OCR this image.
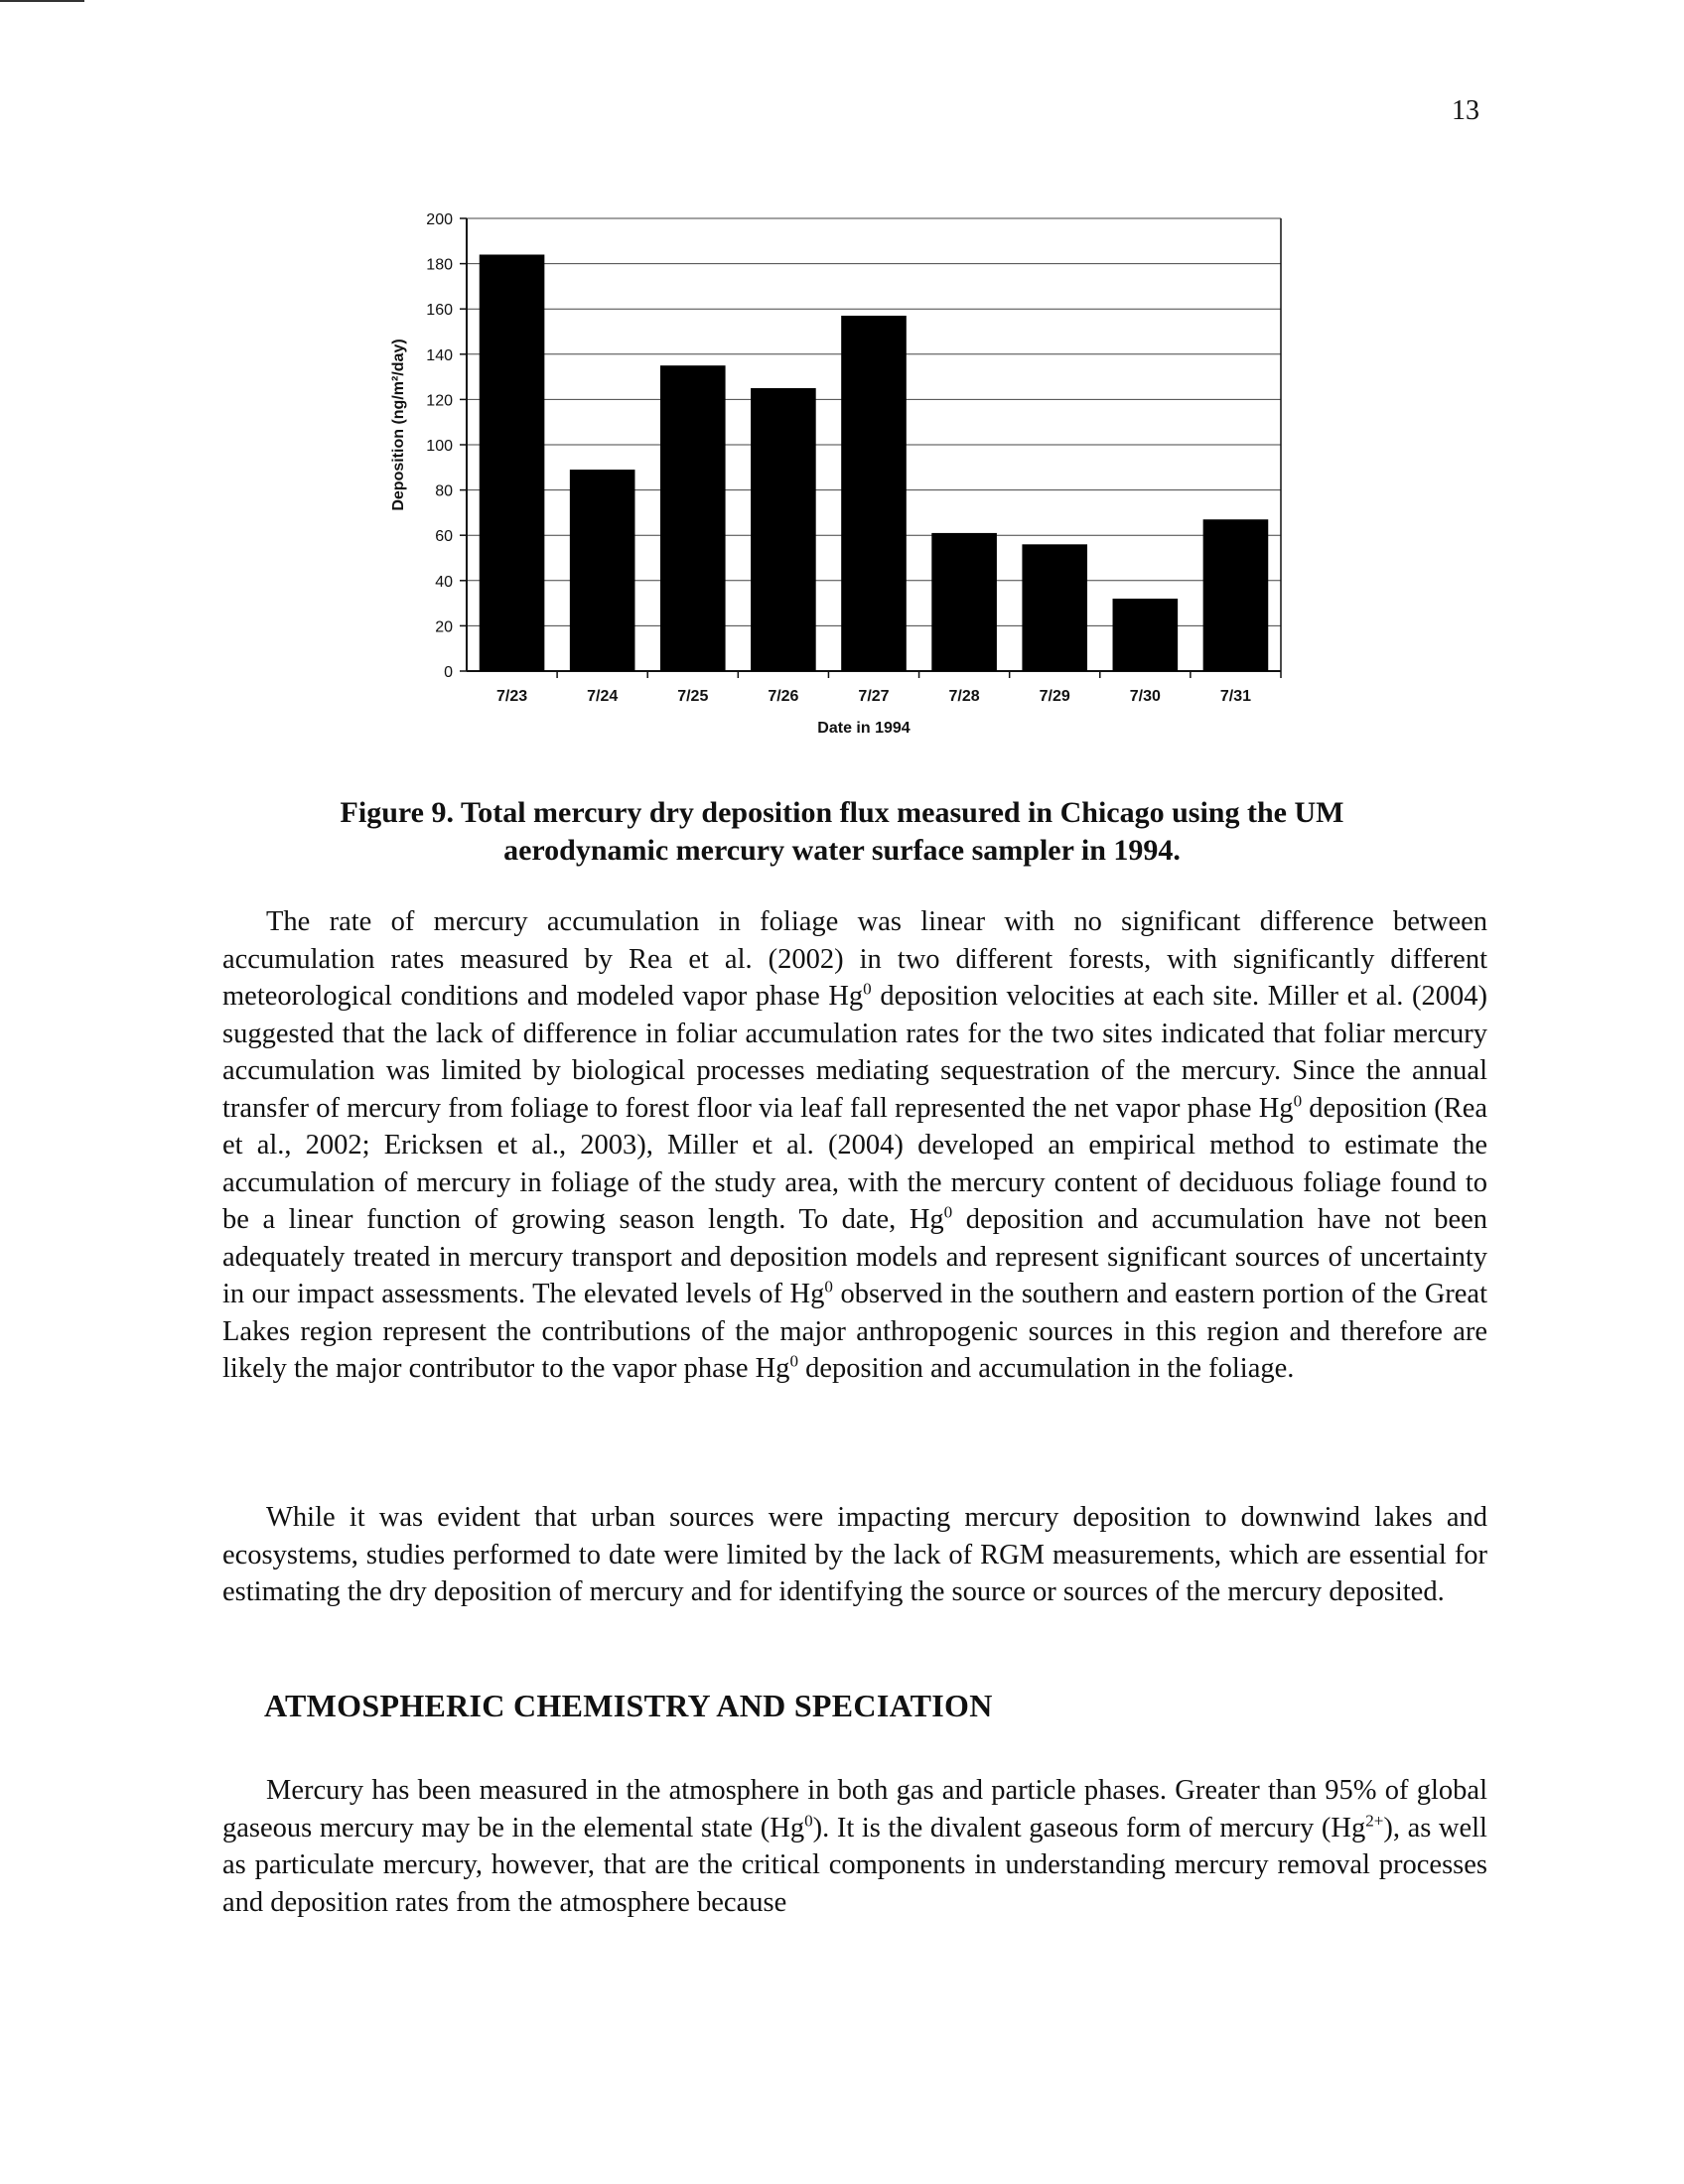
13
0
20
40
60
80
100
120
140
160
180
200
7/23	7/24	7/25	7/26	7/27	7/28	7/29	7/30	7/31
Date in 1994
Deposition (ng/m²/day)
Figure 9. Total mercury dry deposition flux measured in Chicago using the UM
aerodynamic mercury water surface sampler in 1994.

The rate of mercury accumulation in foliage was linear with no significant difference between accumulation rates measured by Rea et al. (2002) in two different forests, with significantly different meteorological conditions and modeled vapor phase Hg$^0$ deposition velocities at each site. Miller et al. (2004) suggested that the lack of difference in foliar accumulation rates for the two sites indicated that foliar mercury accumulation was limited by biological processes mediating sequestration of the mercury. Since the annual transfer of mercury from foliage to forest floor via leaf fall represented the net vapor phase Hg$^0$ deposition (Rea et al., 2002; Ericksen et al., 2003), Miller et al. (2004) developed an empirical method to estimate the accumulation of mercury in foliage of the study area, with the mercury content of deciduous foliage found to be a linear function of growing season length. To date, Hg$^0$ deposition and accumulation have not been adequately treated in mercury transport and deposition models and represent significant sources of uncertainty in our impact assessments. The elevated levels of Hg$^0$ observed in the southern and eastern portion of the Great Lakes region represent the contributions of the major anthropogenic sources in this region and therefore are likely the major contributor to the vapor phase Hg$^0$ deposition and accumulation in the foliage.

While it was evident that urban sources were impacting mercury deposition to downwind lakes and ecosystems, studies performed to date were limited by the lack of RGM measurements, which are essential for estimating the dry deposition of mercury and for identifying the source or sources of the mercury deposited.

ATMOSPHERIC CHEMISTRY AND SPECIATION

Mercury has been measured in the atmosphere in both gas and particle phases. Greater than 95% of global gaseous mercury may be in the elemental state (Hg$^0$). It is the divalent gaseous form of mercury $(Hg^{2+})$, as well as particulate mercury, however, that are the critical components in understanding mercury removal processes and deposition rates from the atmosphere because
